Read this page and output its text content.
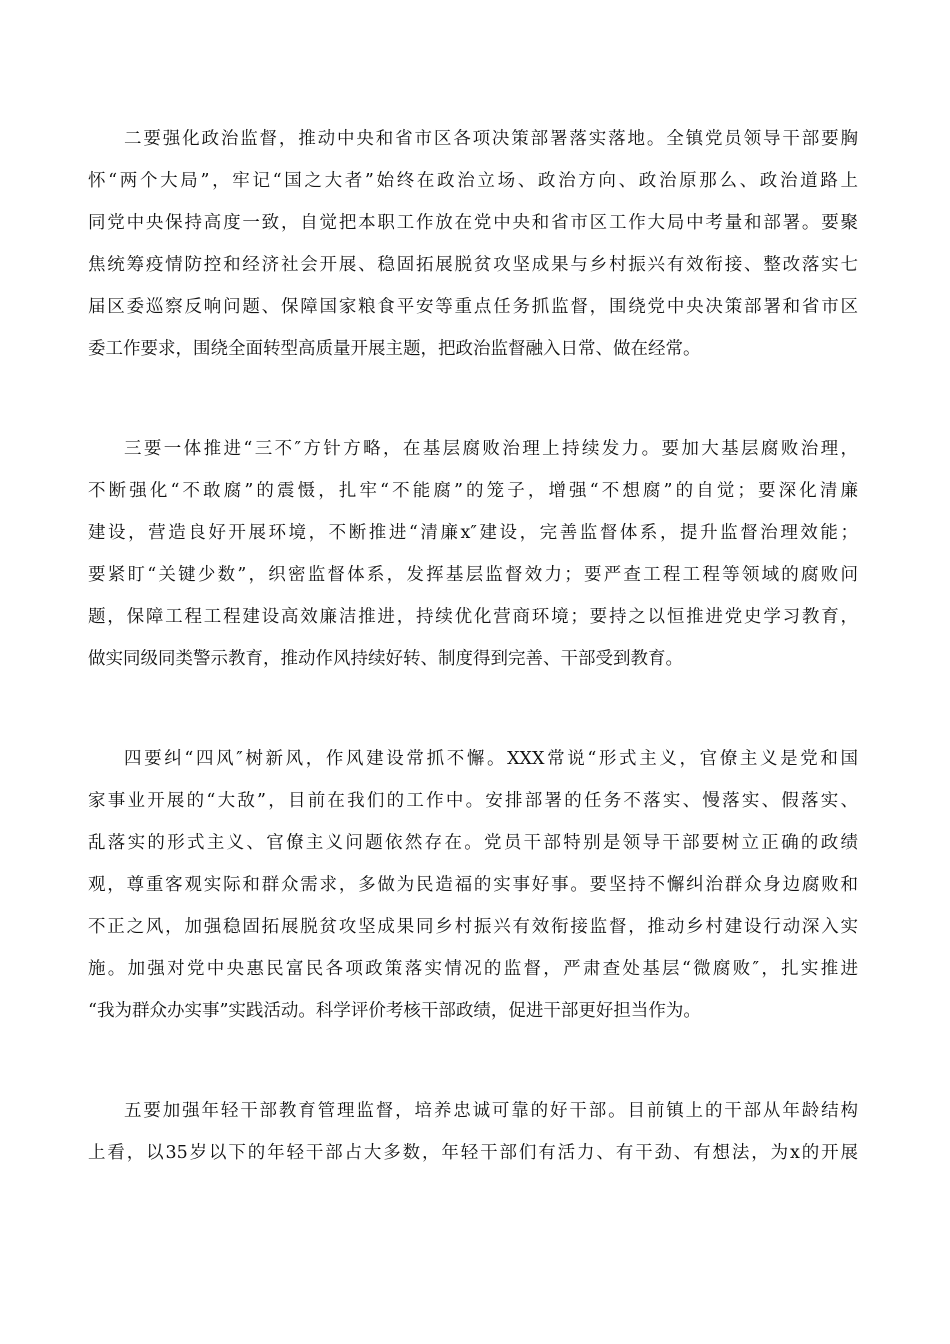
二要强化政治监督，推动中央和省市区各项决策部署落实落地。全镇党员领导干部要胸
怀“两个大局”，牢记“国之大者”始终在政治立场、政治方向、政治原那么、政治道路上
同党中央保持高度一致，自觉把本职工作放在党中央和省市区工作大局中考量和部署。要聚
焦统筹疫情防控和经济社会开展、稳固拓展脱贫攻坚成果与乡村振兴有效衔接、整改落实七
届区委巡察反响问题、保障国家粮食平安等重点任务抓监督，围绕党中央决策部署和省市区
委工作要求，围绕全面转型高质量开展主题，把政治监督融入日常、做在经常。
三要一体推进“三不″方针方略，在基层腐败治理上持续发力。要加大基层腐败治理，
不断强化“不敢腐”的震慑，扎牢“不能腐”的笼子，增强“不想腐”的自觉；要深化清廉
建设，营造良好开展环境，不断推进“清廉x″建设，完善监督体系，提升监督治理效能；
要紧盯“关键少数”，织密监督体系，发挥基层监督效力；要严查工程工程等领域的腐败问
题，保障工程工程建设高效廉洁推进，持续优化营商环境；要持之以恒推进党史学习教育，
做实同级同类警示教育，推动作风持续好转、制度得到完善、干部受到教育。
四要纠“四风″树新风，作风建设常抓不懈。XXX常说“形式主义，官僚主义是党和国
家事业开展的“大敌”，目前在我们的工作中。安排部署的任务不落实、慢落实、假落实、
乱落实的形式主义、官僚主义问题依然存在。党员干部特别是领导干部要树立正确的政绩
观，尊重客观实际和群众需求，多做为民造福的实事好事。要坚持不懈纠治群众身边腐败和
不正之风，加强稳固拓展脱贫攻坚成果同乡村振兴有效衔接监督，推动乡村建设行动深入实
施。加强对党中央惠民富民各项政策落实情况的监督，严肃查处基层“微腐败″，扎实推进
“我为群众办实事”实践活动。科学评价考核干部政绩，促进干部更好担当作为。
五要加强年轻干部教育管理监督，培养忠诚可靠的好干部。目前镇上的干部从年龄结构
上看，以35岁以下的年轻干部占大多数，年轻干部们有活力、有干劲、有想法，为x的开展
